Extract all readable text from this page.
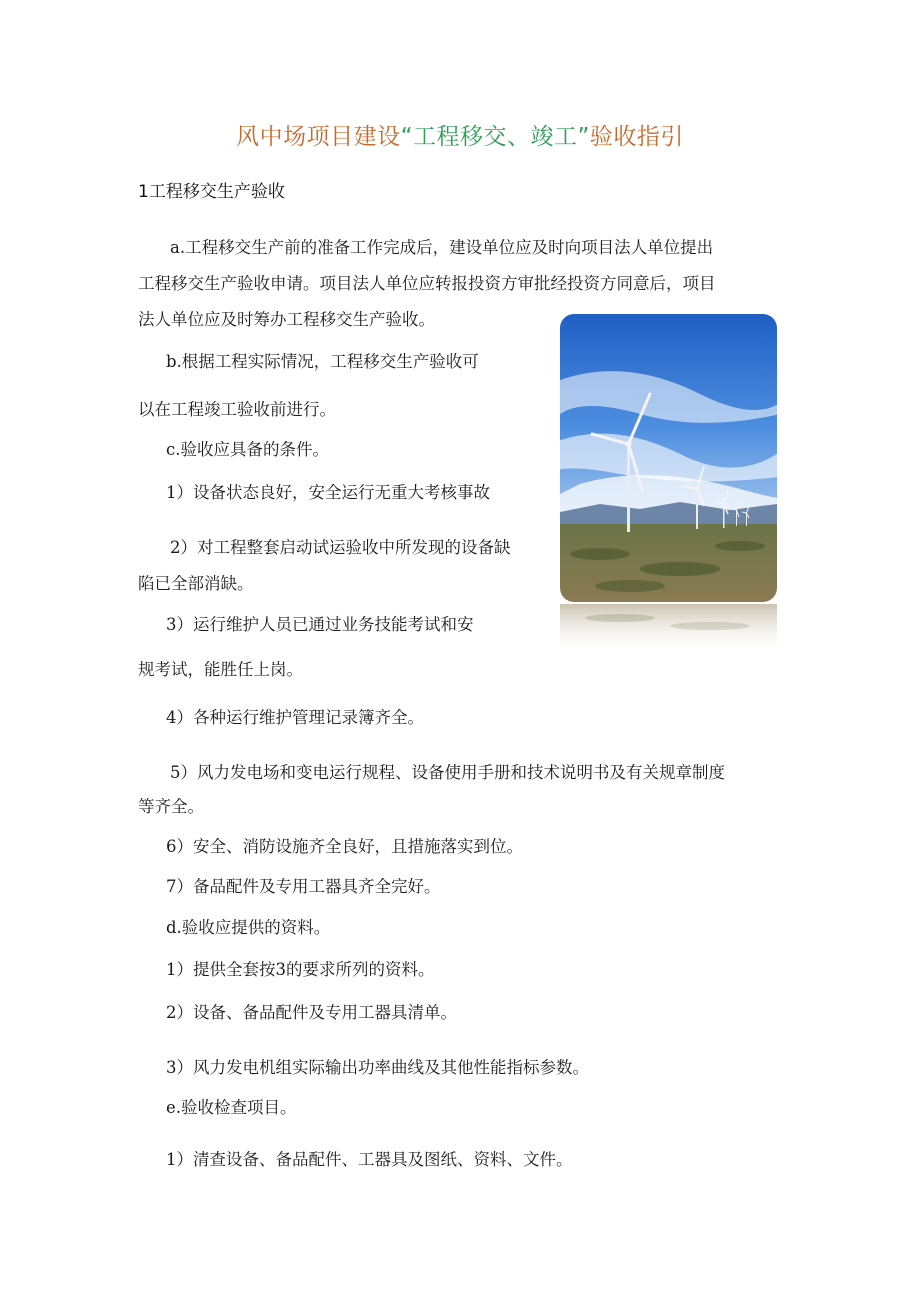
风中场项目建设“工程移交、竣工”验收指引
1工程移交生产验收
a.工程移交生产前的准备工作完成后，建设单位应及时向项目法人单位提出
工程移交生产验收申请。项目法人单位应转报投资方审批经投资方同意后，项目
法人单位应及时筹办工程移交生产验收。
b.根据工程实际情况，工程移交生产验收可
以在工程竣工验收前进行。
c.验收应具备的条件。
1）设备状态良好，安全运行无重大考核事故
2）对工程整套启动试运验收中所发现的设备缺
陷已全部消缺。
3）运行维护人员已通过业务技能考试和安
规考试，能胜任上岗。
4）各种运行维护管理记录簿齐全。
5）风力发电场和变电运行规程、设备使用手册和技术说明书及有关规章制度
等齐全。
6）安全、消防设施齐全良好，且措施落实到位。
7）备品配件及专用工器具齐全完好。
d.验收应提供的资料。
1）提供全套按3的要求所列的资料。
2）设备、备品配件及专用工器具清单。
3）风力发电机组实际输出功率曲线及其他性能指标参数。
e.验收检查项目。
1）清查设备、备品配件、工器具及图纸、资料、文件。
